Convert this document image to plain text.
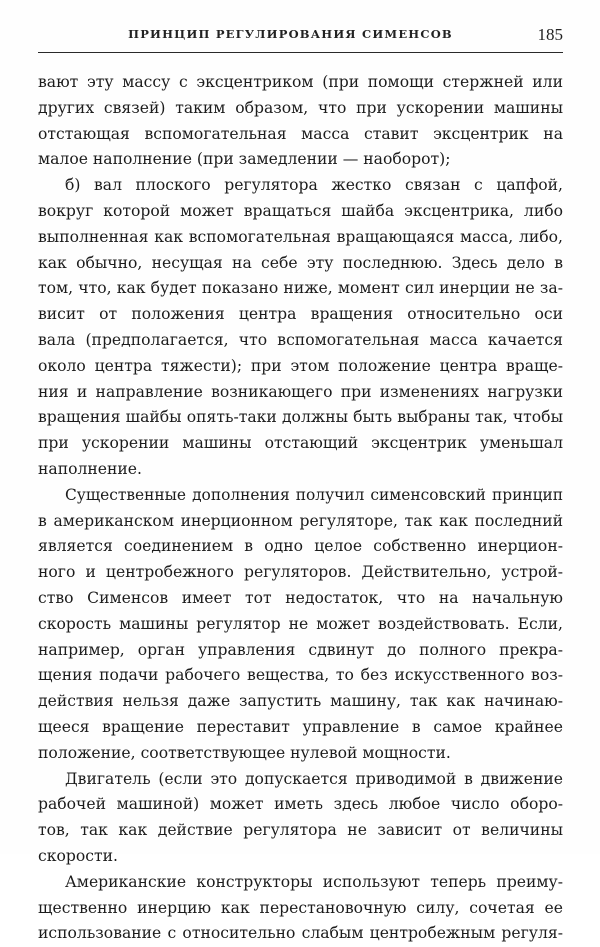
ПРИНЦИП РЕГУЛИРОВАНИЯ СИМЕНСОВ	185
вают эту массу с эксцентриком (при помощи стержней или
других связей) таким образом, что при ускорении машины
отстающая вспомогательная масса ставит эксцентрик на
малое наполнение (при замедлении — наоборот);
б) вал плоского регулятора жестко связан с цапфой,
вокруг которой может вращаться шайба эксцентрика, либо
выполненная как вспомогательная вращающаяся масса, либо,
как обычно, несущая на себе эту последнюю. Здесь дело в
том, что, как будет показано ниже, момент сил инерции не за-
висит от положения центра вращения относительно оси
вала (предполагается, что вспомогательная масса качается
около центра тяжести); при этом положение центра враще-
ния и направление возникающего при изменениях нагрузки
вращения шайбы опять-таки должны быть выбраны так, чтобы
при ускорении машины отстающий эксцентрик уменьшал
наполнение.
Существенные дополнения получил сименсовский принцип
в американском инерционном регуляторе, так как последний
является соединением в одно целое собственно инерцион-
ного и центробежного регуляторов. Действительно, устрой-
ство Сименсов имеет тот недостаток, что на начальную
скорость машины регулятор не может воздействовать. Если,
например, орган управления сдвинут до полного прекра-
щения подачи рабочего вещества, то без искусственного воз-
действия нельзя даже запустить машину, так как начинаю-
щееся вращение переставит управление в самое крайнее
положение, соответствующее нулевой мощности.
Двигатель (если это допускается приводимой в движение
рабочей машиной) может иметь здесь любое число оборо-
тов, так как действие регулятора не зависит от величины
скорости.
Американские конструкторы используют теперь преиму-
щественно инерцию как перестановочную силу, сочетая ее
использование с относительно слабым центробежным регуля-
